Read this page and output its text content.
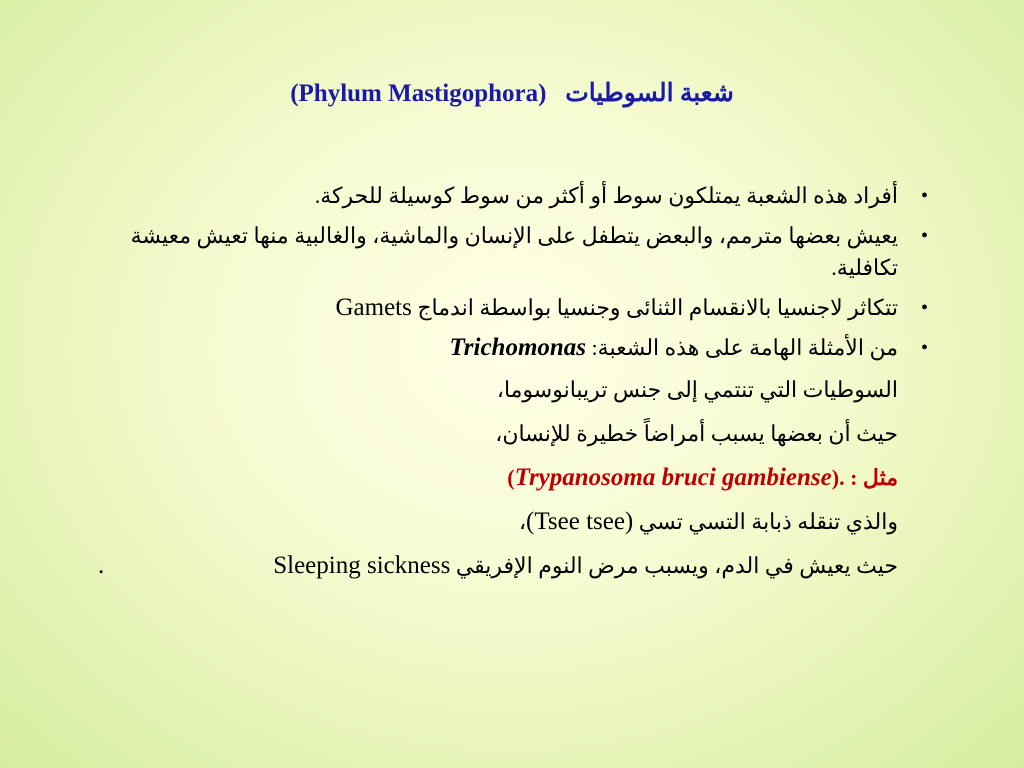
شعبة السوطيات   (Phylum Mastigophora)

• أفراد هذه الشعبة يمتلكون سوط أو أكثر من سوط كوسيلة للحركة.

• يعيش بعضها مترمم، والبعض يتطفل على الإنسان والماشية، والغالبية منها تعيش معيشة تكافلية.

• تتكاثر لاجنسيا بالانقسام الثنائى وجنسيا بواسطة اندماج Gamets

• من الأمثلة الهامة على هذه الشعبة: Trichomonas

السوطيات التي تنتمي إلى جنس تريبانوسوما،

حيث أن بعضها يسبب أمراضاً خطيرة للإنسان،

مثل : (Trypanosoma bruci gambiense).

والذي تنقله ذبابة التسي تسي (Tsee tsee)،

حيث يعيش في الدم، ويسبب مرض النوم الإفريقي Sleeping sickness
.
